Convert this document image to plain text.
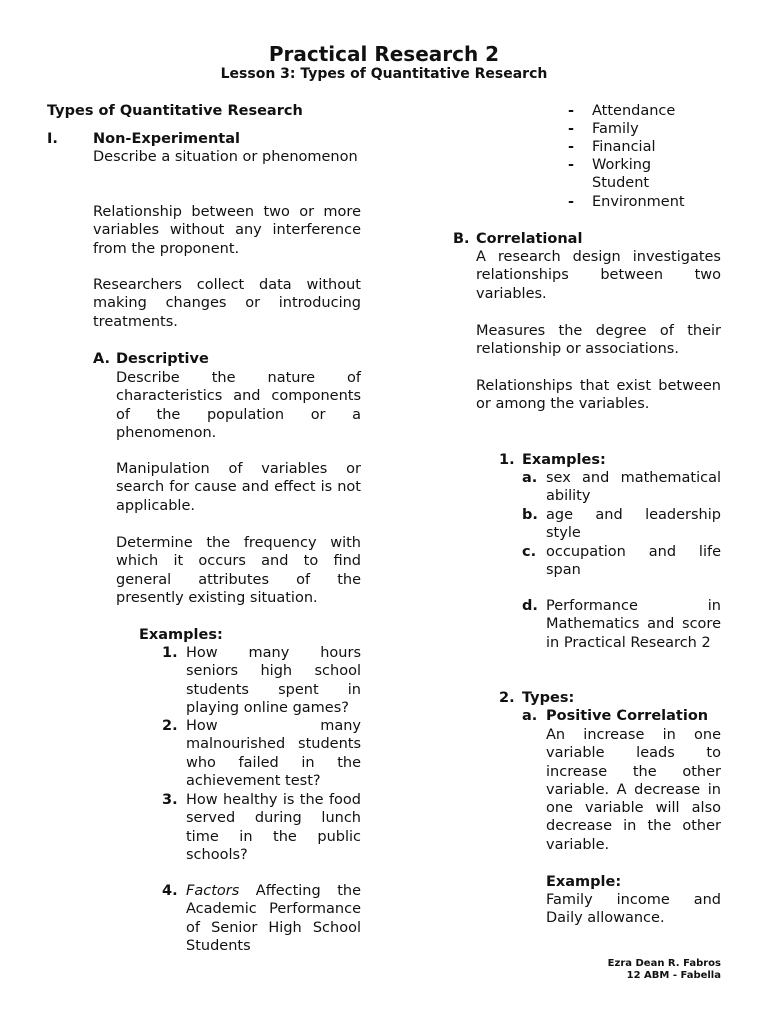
Practical Research 2
Lesson 3: Types of Quantitative Research
Types of Quantitative Research
I. Non-Experimental
Describe a situation or phenomenon
Relationship between two or more variables without any interference from the proponent.
Researchers collect data without making changes or introducing treatments.
A. Descriptive
Describe the nature of characteristics and components of the population or a phenomenon.
Manipulation of variables or search for cause and effect is not applicable.
Determine the frequency with which it occurs and to find general attributes of the presently existing situation.
Examples:
1. How many hours seniors high school students spent in playing online games?
2. How many malnourished students who failed in the achievement test?
3. How healthy is the food served during lunch time in the public schools?
4. Factors Affecting the Academic Performance of Senior High School Students
- Attendance
- Family
- Financial
- Working Student
- Environment
B. Correlational
A research design investigates relationships between two variables.
Measures the degree of their relationship or associations.
Relationships that exist between or among the variables.
1. Examples:
a. sex and mathematical ability
b. age and leadership style
c. occupation and life span
d. Performance in Mathematics and score in Practical Research 2
2. Types:
a. Positive Correlation
An increase in one variable leads to increase the other variable. A decrease in one variable will also decrease in the other variable.
Example:
Family income and Daily allowance.
Ezra Dean R. Fabros
12 ABM - Fabella
